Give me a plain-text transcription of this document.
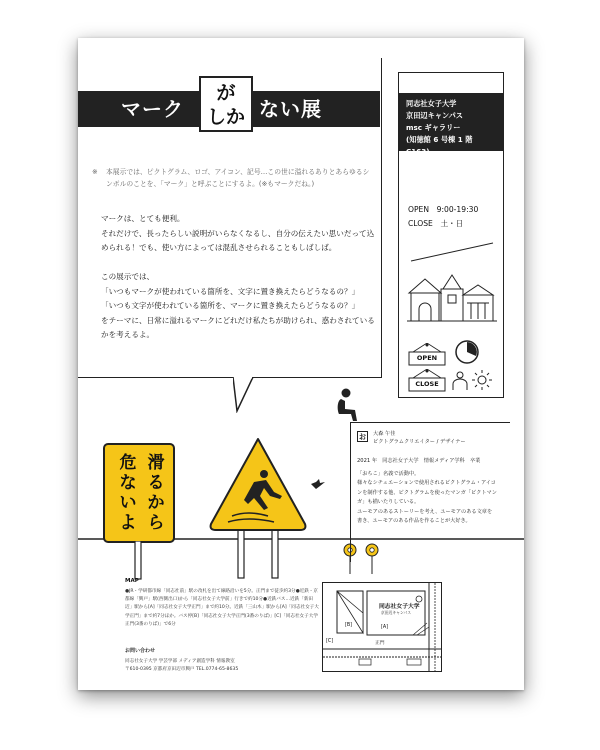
マーク
が
しか ない展
※ 本展示では、ピクトグラム、ロゴ、アイコン、記号…この世に溢れるありとあらゆるシンボルのことを、「マーク」と呼ぶことにするよ。(※もマークだね。)
マークは、とても便利。

それだけで、長ったらしい説明がいらなくなるし、自分の伝えたい思いだって込められる！でも、使い方によっては混乱させられることもしばしば。

この展示では、
「いつもマークが使われている箇所を、文字に置き換えたらどうなるの？」
「いつも文字が使われている箇所を、マークに置き換えたらどうなるの？」
をテーマに、日常に溢れるマークにどれだけ私たちが助けられ、惑わされているかを考えるよ。
同志社女子大学
京田辺キャンパス
msc ギャラリー
(知徳館 6 号棟 1 階 C163)
OPEN　9:00-19:30
CLOSE　土・日
OPEN
CLOSE
滑るから
危ないよ
お	大森 午佳
ピクトグラムクリエイター / デザイナー
2021 年　同志社女子大学　情報メディア学科　卒業
「おちこ」名義で活動中。
様々なシチュエーションで使用されるピクトグラム・アイコンを制作する他、ピクトグラムを使ったマンガ「ピクトマンガ」も描いたりしている。
ユーモアのあるストーリーを考え、ユーモアのある文章を書き、ユーモアのある作品を作ることが大好き。
MAP
●JR・学研都市線「同志社前」駅の改札を出て線路沿いを5分。正門まで徒歩約3分●近鉄・京都線「興戸」駅(西側出口)から「同志社女子大学前」行きで約10分●近鉄バス…近鉄「新田辺」駅から[A]「同志社女子大学正門」まで約10分。近鉄「三山木」駅から[A]「同志社女子大学正門」まで約7分ほか。バス停[B]「同志社女子大学正門(3番のりば)」[C]「同志社女子大学正門(3番のりば)」で6分
お問い合わせ
同志社女子大学 学芸学部 メディア創造学科 情報教室
〒610-0395 京都府京田辺市興戸 TEL.0774-65-8635
同志社女子大学
京田辺キャンパス
[A]
[B]
[C]	正門
